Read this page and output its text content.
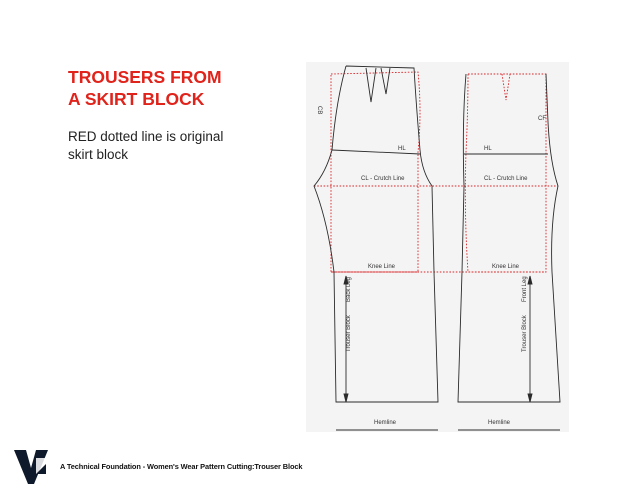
TROUSERS FROM
A SKIRT BLOCK

RED dotted line is original
skirt block

CB
HL
CL - Crutch Line
Knee Line
Back Leg
Trouser Block
Hemline
CF
HL
CL - Crutch Line
Knee Line
Front Leg
Trouser Block
Hemline
A Technical Foundation - Women's Wear Pattern Cutting:Trouser Block
